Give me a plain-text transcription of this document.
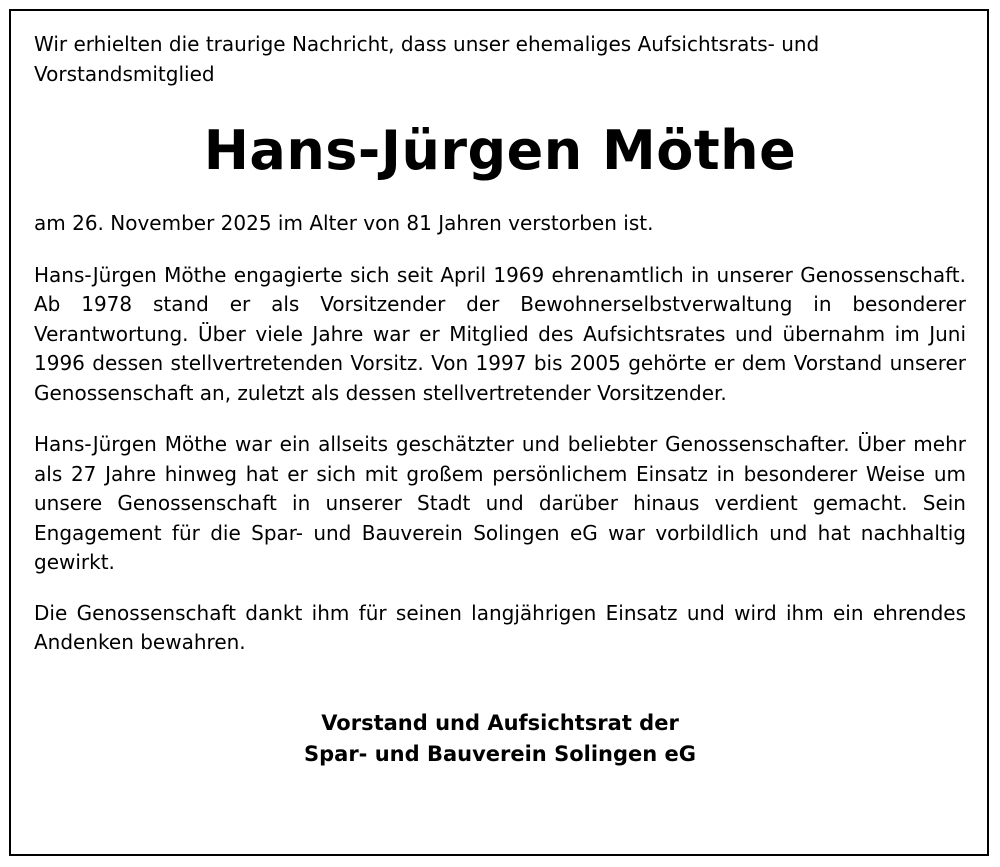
Wir erhielten die traurige Nachricht, dass unser ehemaliges Aufsichtsrats- und Vorstandsmitglied

Hans-Jürgen Möthe

am 26. November 2025 im Alter von 81 Jahren verstorben ist.

Hans-Jürgen Möthe engagierte sich seit April 1969 ehrenamtlich in unserer Genossenschaft. Ab 1978 stand er als Vorsitzender der Bewohnerselbstverwaltung in besonderer Verantwortung. Über viele Jahre war er Mitglied des Aufsichtsrates und übernahm im Juni 1996 dessen stellvertretenden Vorsitz. Von 1997 bis 2005 gehörte er dem Vorstand unserer Genossenschaft an, zuletzt als dessen stellvertretender Vorsitzender.

Hans-Jürgen Möthe war ein allseits geschätzter und beliebter Genossenschafter. Über mehr als 27 Jahre hinweg hat er sich mit großem persönlichem Einsatz in besonderer Weise um unsere Genossenschaft in unserer Stadt und darüber hinaus verdient gemacht. Sein Engagement für die Spar- und Bauverein Solingen eG war vorbildlich und hat nachhaltig gewirkt.

Die Genossenschaft dankt ihm für seinen langjährigen Einsatz und wird ihm ein ehrendes Andenken bewahren.

Vorstand und Aufsichtsrat der
Spar- und Bauverein Solingen eG
